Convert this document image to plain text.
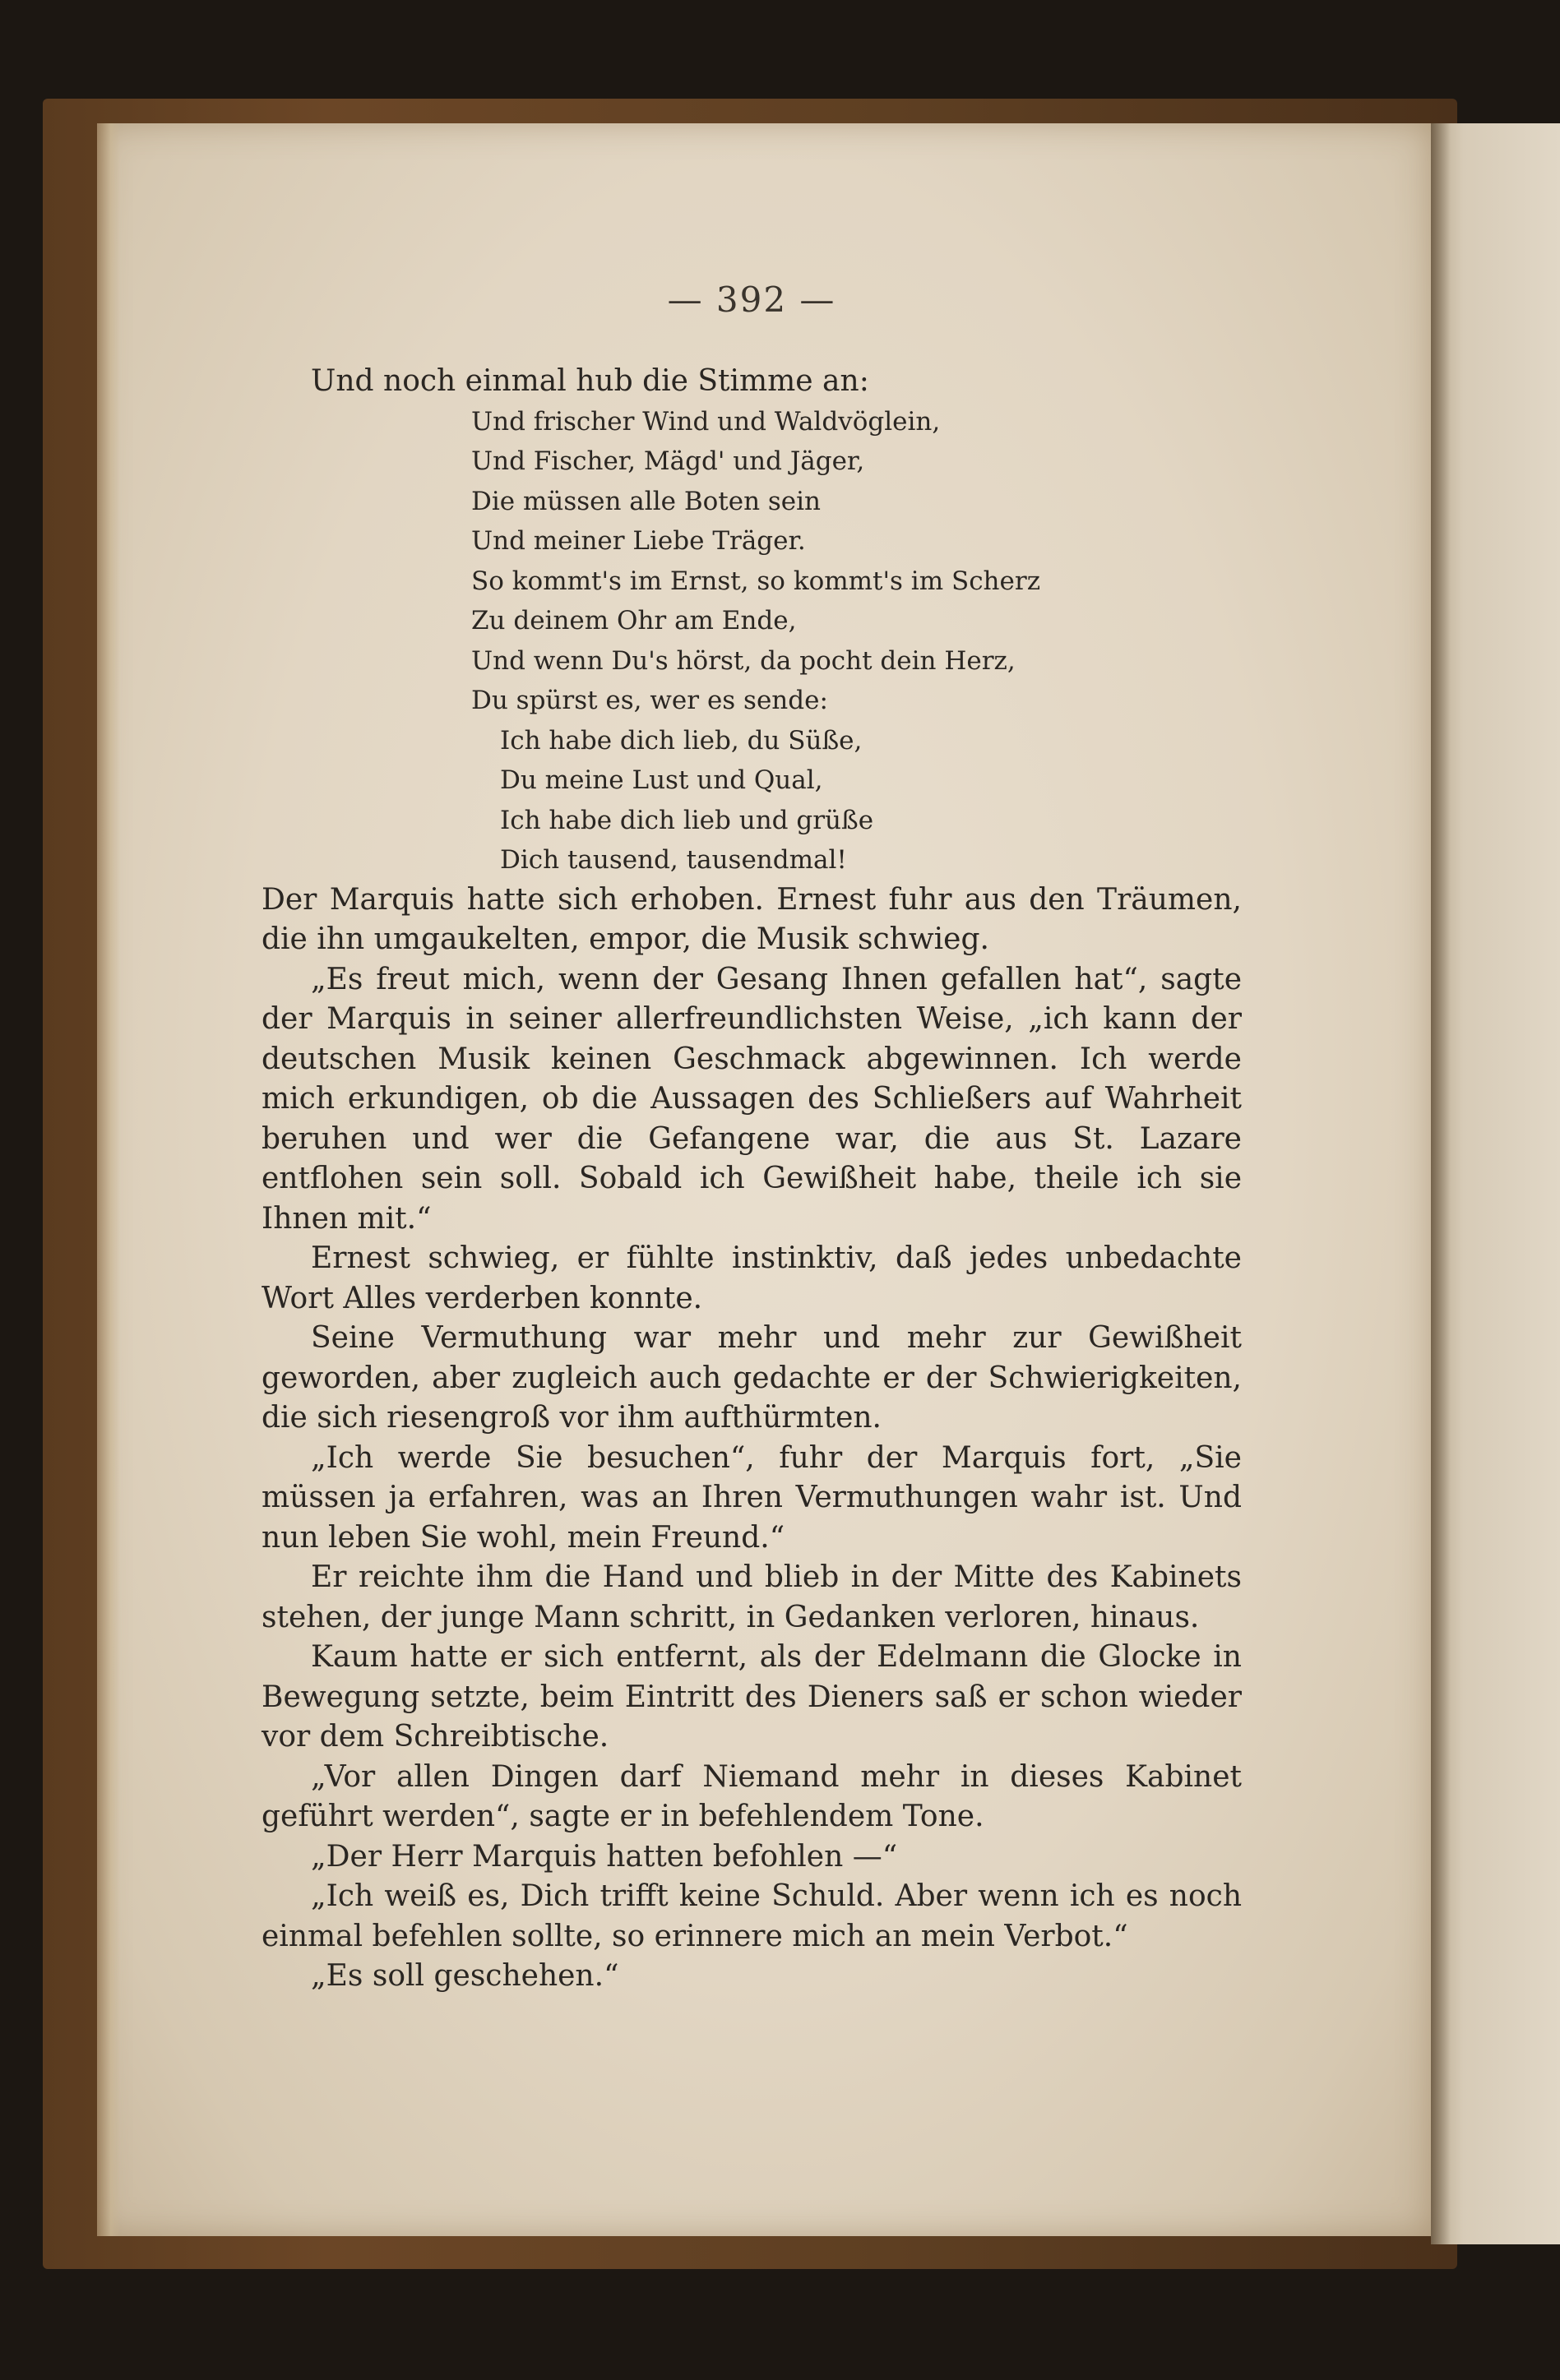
— 392 —
Und noch einmal hub die Stimme an:
Und frischer Wind und Waldvöglein,
Und Fischer, Mägd' und Jäger,
Die müssen alle Boten sein
Und meiner Liebe Träger.
So kommt's im Ernst, so kommt's im Scherz
Zu deinem Ohr am Ende,
Und wenn Du's hörst, da pocht dein Herz,
Du spürst es, wer es sende:
Ich habe dich lieb, du Süße,
Du meine Lust und Qual,
Ich habe dich lieb und grüße
Dich tausend, tausendmal!

Der Marquis hatte sich erhoben. Ernest fuhr aus den Träumen, die ihn umgaukelten, empor, die Musik schwieg.

„Es freut mich, wenn der Gesang Ihnen gefallen hat“, sagte der Marquis in seiner allerfreundlichsten Weise, „ich kann der deutschen Musik keinen Geschmack abgewinnen. Ich werde mich erkundigen, ob die Aussagen des Schließers auf Wahrheit beruhen und wer die Gefangene war, die aus St. Lazare entflohen sein soll. Sobald ich Gewißheit habe, theile ich sie Ihnen mit.“

Ernest schwieg, er fühlte instinktiv, daß jedes unbedachte Wort Alles verderben konnte.

Seine Vermuthung war mehr und mehr zur Gewißheit geworden, aber zugleich auch gedachte er der Schwierigkeiten, die sich riesengroß vor ihm aufthürmten.

„Ich werde Sie besuchen“, fuhr der Marquis fort, „Sie müssen ja erfahren, was an Ihren Vermuthungen wahr ist. Und nun leben Sie wohl, mein Freund.“

Er reichte ihm die Hand und blieb in der Mitte des Kabinets stehen, der junge Mann schritt, in Gedanken verloren, hinaus.

Kaum hatte er sich entfernt, als der Edelmann die Glocke in Bewegung setzte, beim Eintritt des Dieners saß er schon wieder vor dem Schreibtische.

„Vor allen Dingen darf Niemand mehr in dieses Kabinet geführt werden“, sagte er in befehlendem Tone.

„Der Herr Marquis hatten befohlen —“

„Ich weiß es, Dich trifft keine Schuld. Aber wenn ich es noch einmal befehlen sollte, so erinnere mich an mein Verbot.“

„Es soll geschehen.“
